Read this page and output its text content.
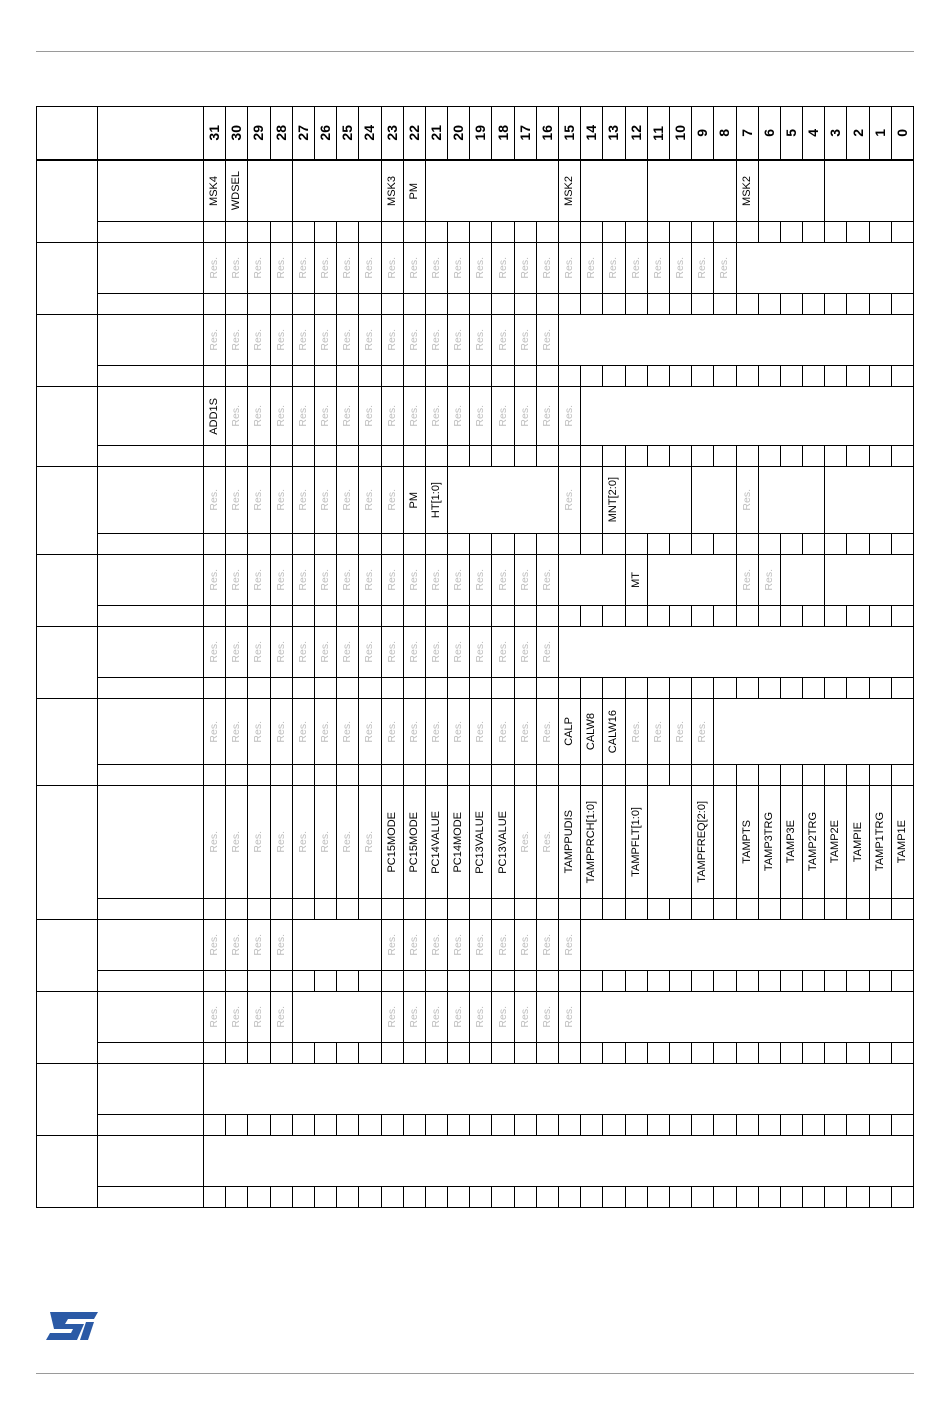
		31	30	29	28	27	26	25	24	23	22	21	20	19	18	17	16	15	14	13	12	11	10	9	8	7	6	5	4	3	2	1	0

		MSK4	WDSEL							MSK3	PM							MSK2								MSK2							

		Res.	Res.	Res.	Res.	Res.	Res.	Res.	Res.	Res.	Res.	Res.	Res.	Res.	Res.	Res.	Res.	Res.	Res.	Res.	Res.	Res.	Res.	Res.	Res.								

		Res.	Res.	Res.	Res.	Res.	Res.	Res.	Res.	Res.	Res.	Res.	Res.	Res.	Res.	Res.	Res.																

		ADD1S	Res.	Res.	Res.	Res.	Res.	Res.	Res.	Res.	Res.	Res.	Res.	Res.	Res.	Res.	Res.	Res.															

		Res.	Res.	Res.	Res.	Res.	Res.	Res.	Res.	Res.	PM	HT[1:0]						Res.		MNT[2:0]						Res.							

		Res.	Res.	Res.	Res.	Res.	Res.	Res.	Res.	Res.	Res.	Res.	Res.	Res.	Res.	Res.	Res.				MT					Res.	Res.						

		Res.	Res.	Res.	Res.	Res.	Res.	Res.	Res.	Res.	Res.	Res.	Res.	Res.	Res.	Res.	Res.																

		Res.	Res.	Res.	Res.	Res.	Res.	Res.	Res.	Res.	Res.	Res.	Res.	Res.	Res.	Res.	Res.	CALP	CALW8	CALW16	Res.	Res.	Res.	Res.									

		Res.	Res.	Res.	Res.	Res.	Res.	Res.	Res.	PC15MODE	PC15MODE	PC14VALUE	PC14MODE	PC13VALUE	PC13VALUE	Res.	Res.	TAMPPUDIS	TAMPPRCH[1:0]		TAMPFLT[1:0]			TAMPFREQ[2:0]		TAMPTS	TAMP3TRG	TAMP3E	TAMP2TRG	TAMP2E	TAMPIE	TAMP1TRG	TAMP1E

		Res.	Res.	Res.	Res.					Res.	Res.	Res.	Res.	Res.	Res.	Res.	Res.	Res.															

		Res.	Res.	Res.	Res.					Res.	Res.	Res.	Res.	Res.	Res.	Res.	Res.	Res.															

ST
